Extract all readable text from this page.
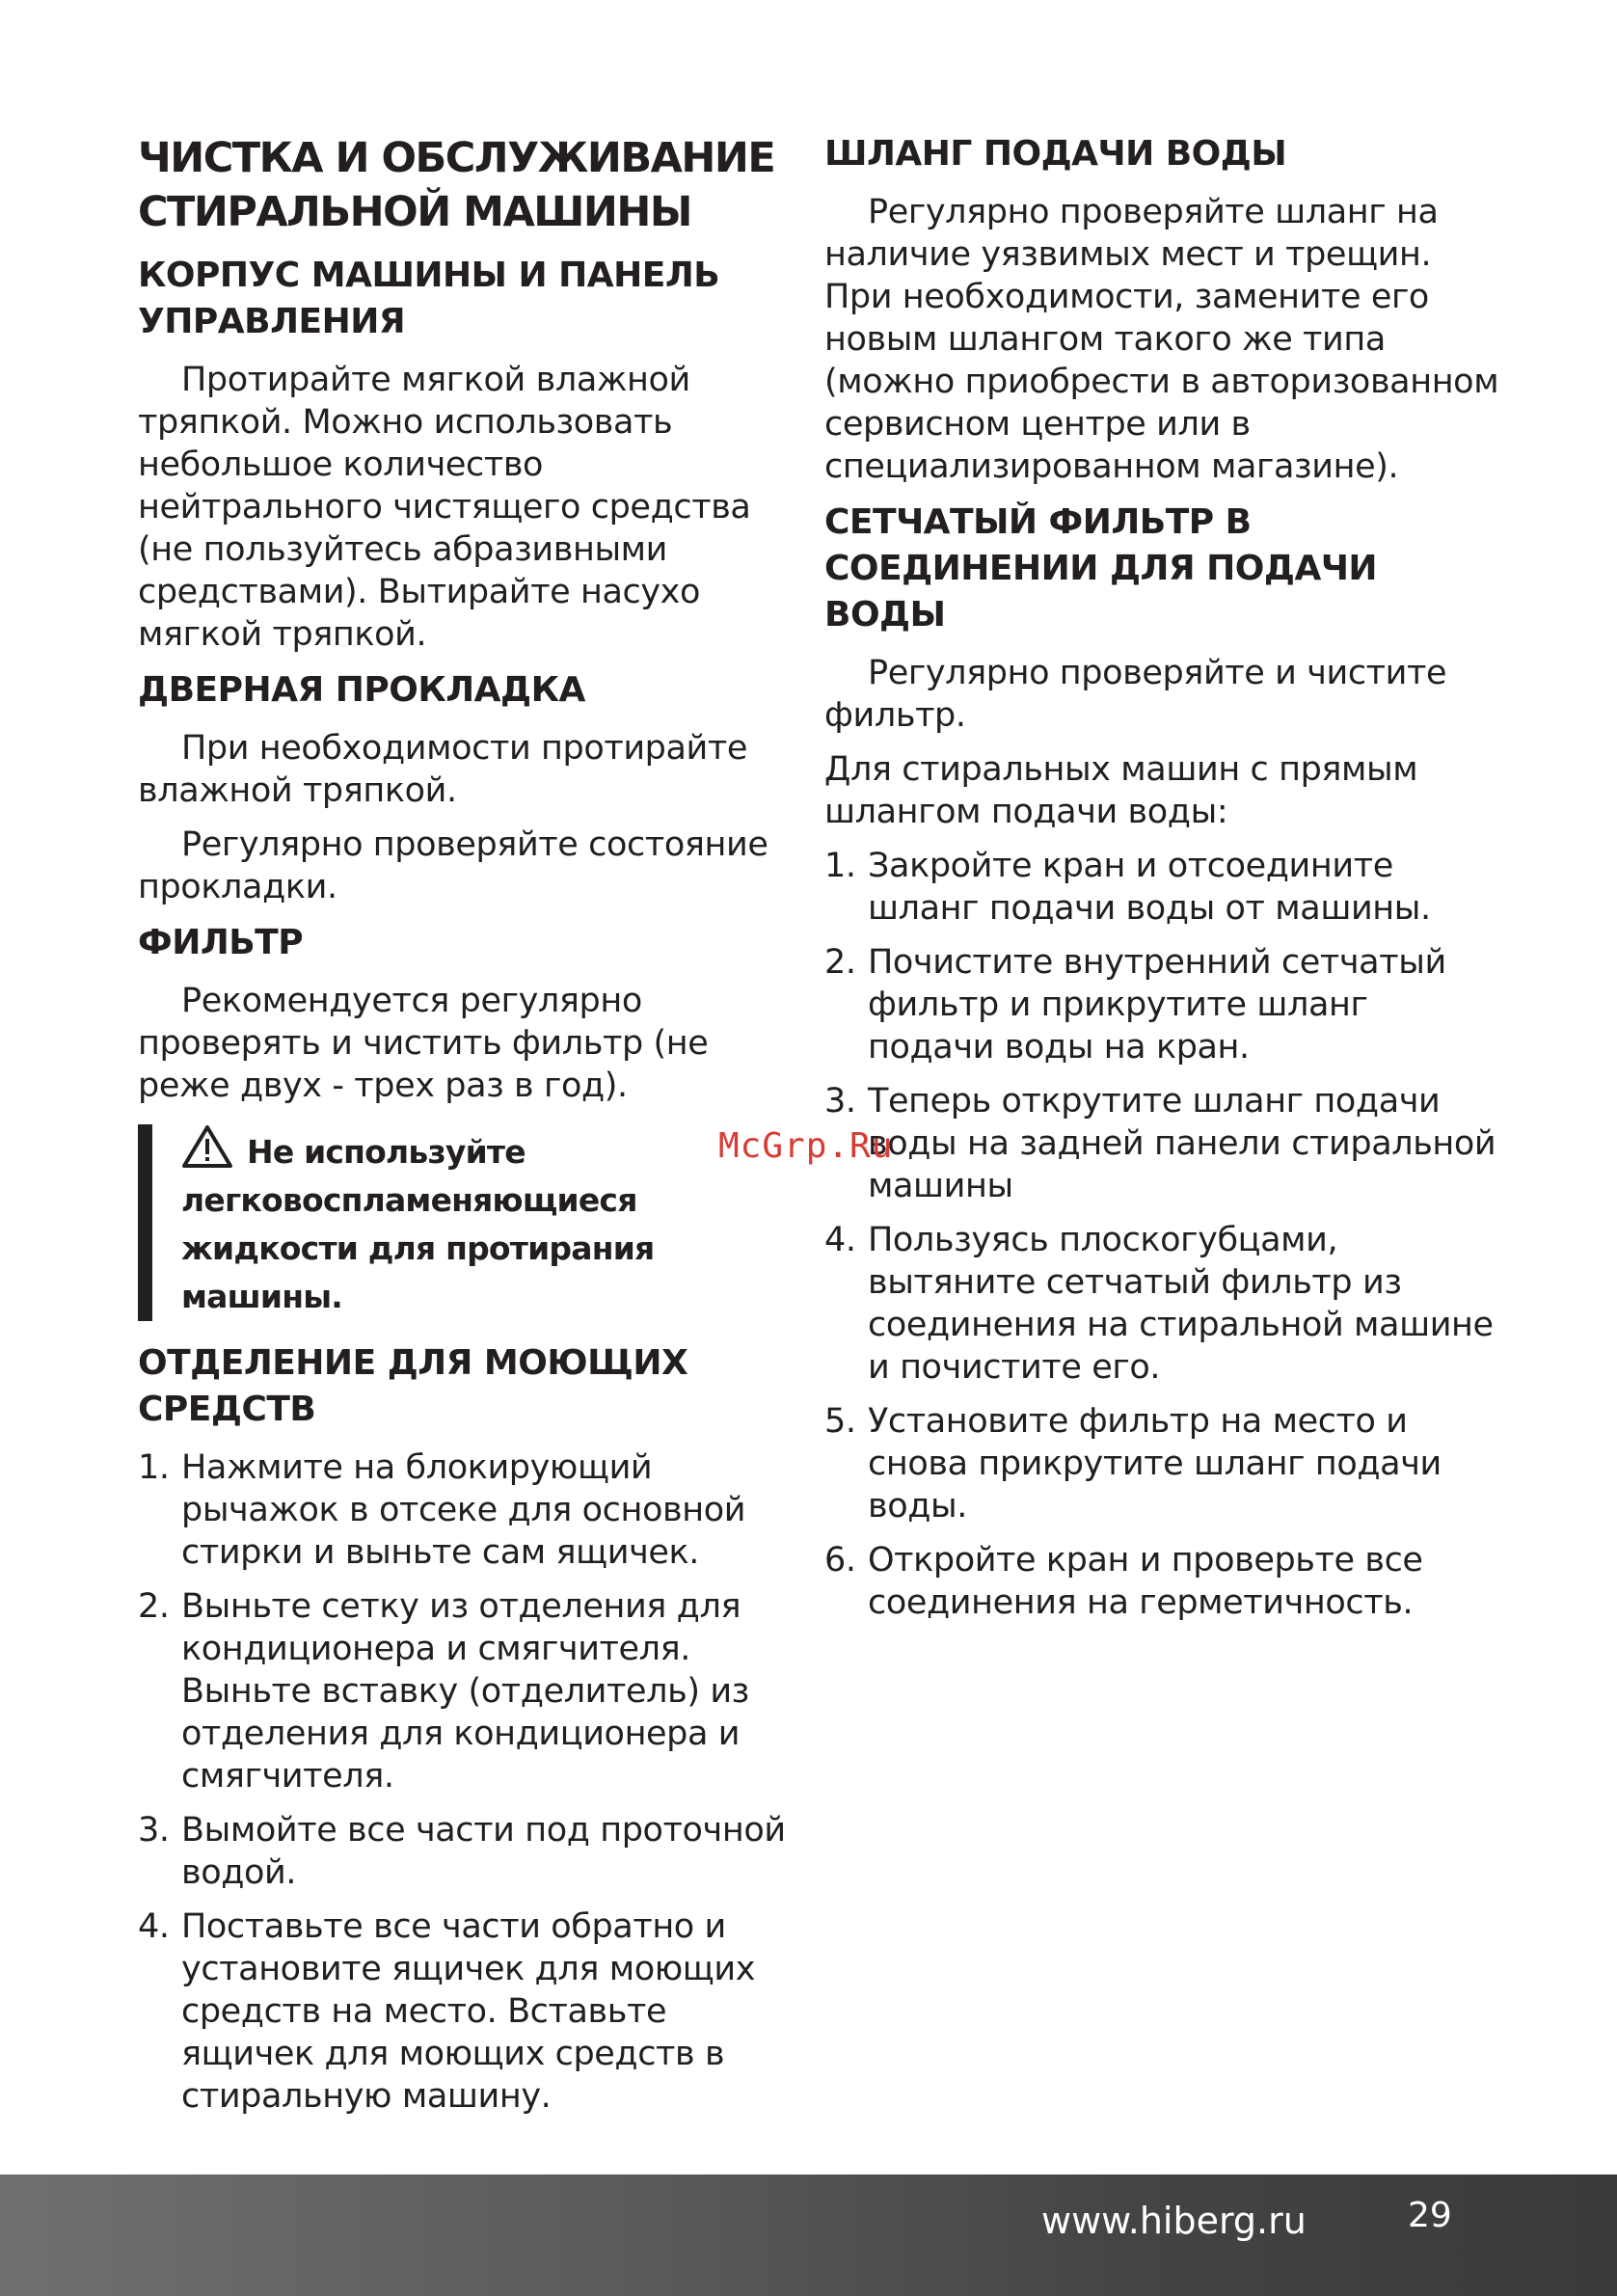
ЧИСТКА И ОБСЛУЖИВАНИЕ СТИРАЛЬНОЙ МАШИНЫ
КОРПУС МАШИНЫ И ПАНЕЛЬ УПРАВЛЕНИЯ

Протирайте мягкой влажной тряпкой. Можно использовать небольшое количество нейтрального чистящего средства (не пользуйтесь абразивными средствами). Вытирайте насухо мягкой тряпкой.

ДВЕРНАЯ ПРОКЛАДКА

При необходимости протирайте влажной тряпкой.

Регулярно проверяйте состояние прокладки.

ФИЛЬТР

Рекомендуется регулярно проверять и чистить фильтр (не реже двух - трех раз в год).

Не используйте легковоспламеняющиеся жидкости для протирания машины.
ОТДЕЛЕНИЕ ДЛЯ МОЮЩИХ СРЕДСТВ
1. Нажмите на блокирующий рычажок в отсеке для основной стирки и выньте сам ящичек.
2. Выньте сетку из отделения для кондиционера и смягчителя. Выньте вставку (отделитель) из отделения для кондиционера и смягчителя.
3. Вымойте все части под проточной водой.
4. Поставьте все части обратно и установите ящичек для моющих средств на место. Вставьте ящичек для моющих средств в стиральную машину.
ШЛАНГ ПОДАЧИ ВОДЫ

Регулярно проверяйте шланг на наличие уязвимых мест и трещин. При необходимости, замените его новым шлангом такого же типа (можно приобрести в авторизованном сервисном центре или в специализированном магазине).

СЕТЧАТЫЙ ФИЛЬТР В СОЕДИНЕНИИ ДЛЯ ПОДАЧИ ВОДЫ

Регулярно проверяйте и чистите фильтр.

Для стиральных машин с прямым шлангом подачи воды:

1. Закройте кран и отсоедините шланг подачи воды от машины.
2. Почистите внутренний сетчатый фильтр и прикрутите шланг подачи воды на кран.
3. Теперь открутите шланг подачи воды на задней панели стиральной машины
4. Пользуясь плоскогубцами, вытяните сетчатый фильтр из соединения на стиральной машине и почистите его.
5. Установите фильтр на место и снова прикрутите шланг подачи воды.
6. Откройте кран и проверьте все соединения на герметичность.
McGrp.Ru
www.hiberg.ru	29
